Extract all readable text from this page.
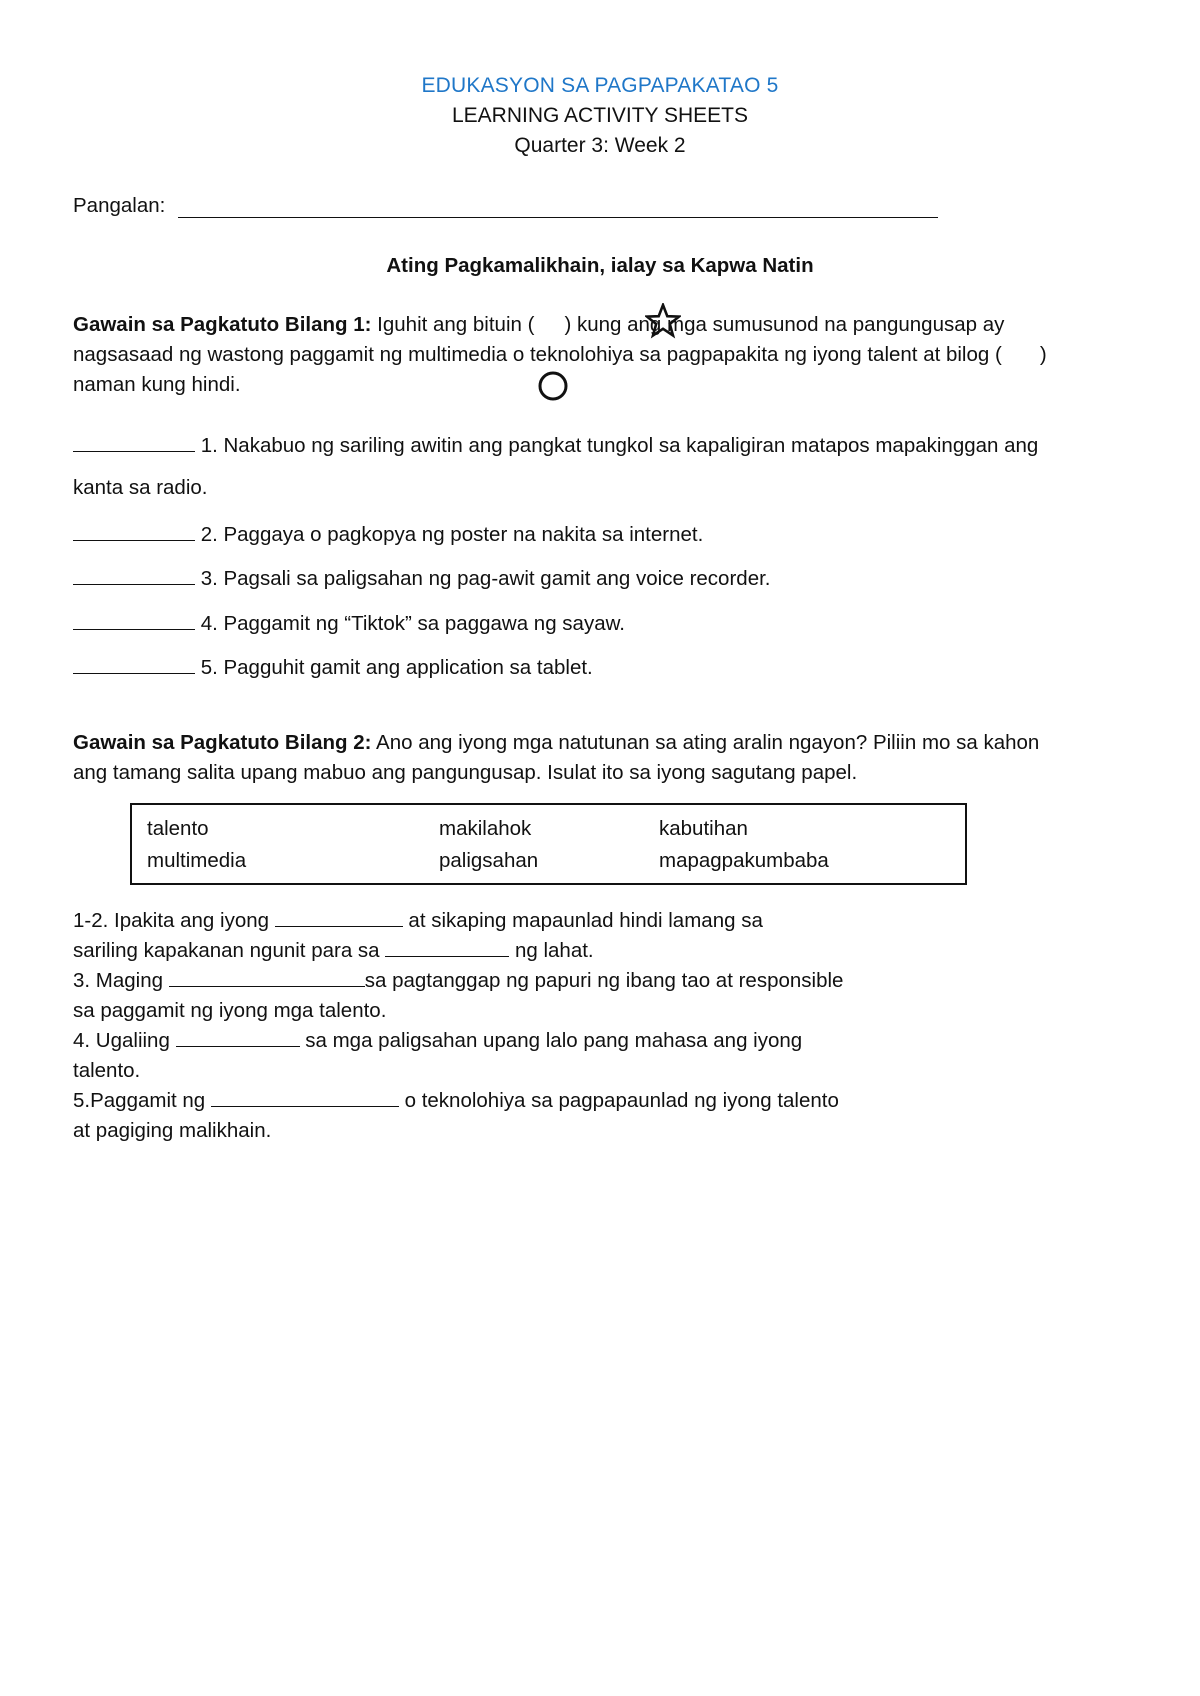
EDUKASYON SA PAGPAPAKATAO 5
LEARNING ACTIVITY SHEETS
Quarter 3: Week 2
Pangalan:
Ating Pagkamalikhain, ialay sa Kapwa Natin
Gawain sa Pagkatuto Bilang 1: Iguhit ang bituin ( ) kung ang mga sumusunod na pangungusap ay
nagsasaad ng wastong paggamit ng multimedia o teknolohiya sa pagpapakita ng iyong talent at bilog ( )
naman kung hindi.
1. Nakabuo ng sariling awitin ang pangkat tungkol sa kapaligiran matapos mapakinggan ang
kanta sa radio.
2. Paggaya o pagkopya ng poster na nakita sa internet.
3. Pagsali sa paligsahan ng pag-awit gamit ang voice recorder.
4. Paggamit ng “Tiktok” sa paggawa ng sayaw.
5. Pagguhit gamit ang application sa tablet.
Gawain sa Pagkatuto Bilang 2: Ano ang iyong mga natutunan sa ating aralin ngayon? Piliin mo sa kahon
ang tamang salita upang mabuo ang pangungusap. Isulat ito sa iyong sagutang papel.
talento	makilahok	kabutihan
multimedia	paligsahan	mapagpakumbaba
1-2. Ipakita ang iyong	at sikaping mapaunlad hindi lamang sa
sariling kapakanan ngunit para sa	ng lahat.
3. Maging	sa pagtanggap ng papuri ng ibang tao at responsible
sa paggamit ng iyong mga talento.
4. Ugaliing	sa mga paligsahan upang lalo pang mahasa ang iyong
talento.
5.Paggamit ng	o teknolohiya sa pagpapaunlad ng iyong talento
at pagiging malikhain.
